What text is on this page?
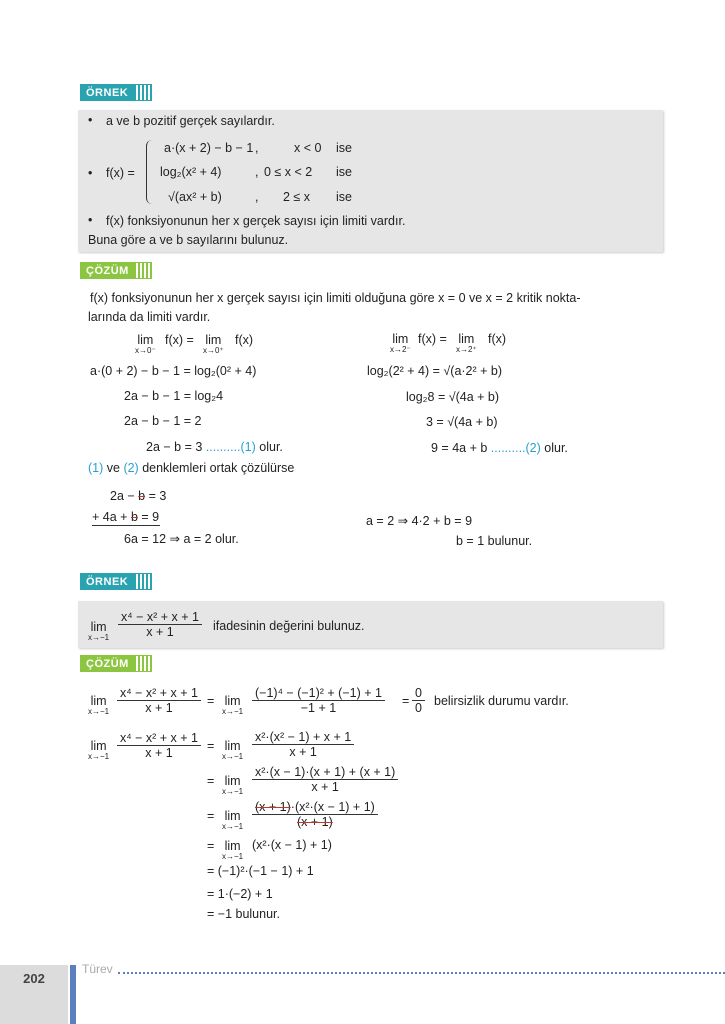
ÖRNEK
• a ve b pozitif gerçek sayılardır.
• f(x) =
a·(x + 2) − b − 1 ,	x < 0 ise
log₂(x² + 4)	, 0 ≤ x < 2 ise
√(ax² + b)	, 2 ≤ x ise
• f(x) fonksiyonunun her x gerçek sayısı için limiti vardır.
Buna göre a ve b sayılarını bulunuz.
ÇÖZÜM
f(x) fonksiyonunun her x gerçek sayısı için limiti olduğuna göre x = 0 ve x = 2 kritik nokta-
larında da limiti vardır.
lim
x→0⁻
f(x) = lim
x→0⁺
f(x)
a·(0 + 2) − b − 1 = log₂(0² + 4)
2a − b − 1 = log₂4
2a − b − 1 = 2
2a − b = 3 ..........(1) olur.
lim
x→2⁻
f(x) = lim
x→2⁺
f(x)
log₂(2² + 4) = √(a·2² + b)
log₂8 = √(4a + b)
3 = √(4a + b)
9 = 4a + b ..........(2) olur.
(1) ve (2) denklemleri ortak çözülürse
2a − b = 3
+ 4a + b = 9
6a = 12 ⇒ a = 2 olur.
a = 2 ⇒ 4·2 + b = 9
b = 1 bulunur.
ÖRNEK
lim
$x\to-1 \frac{\text{x⁴ − x² + x + 1}}{x + 1}$ ifadesinin değerini bulunuz.
ÇÖZÜM
lim
$x\to-1 \frac{\text{x⁴ − x² + x + 1}}{x + 1} = \lim$
$x\to-1 \frac{\text{(−1)⁴ − (−1)² + (−1) + 1}}{-1 + 1} = \frac{0}{0}$ belirsizlik durumu vardır.
lim
$x\to-1 \frac{\text{x⁴ − x² + x + 1}}{x + 1} = \lim$
$x\to-1 \frac{\text{x²·(x² − 1) + x + 1}}{x + 1}$
= lim
$x\to-1 \frac{\text{x²·(x − 1)·(x + 1) + (x + 1)}}{x + 1}$
= lim
$x\to-1 \frac{\text{(x + 1)·(x²·(x − 1) + 1)}}{(x + 1)}$
= lim
x→−1
(x²·(x − 1) + 1)
= (−1)²·(−1 − 1) + 1
= 1·(−2) + 1
= −1 bulunur.
202
Türev
